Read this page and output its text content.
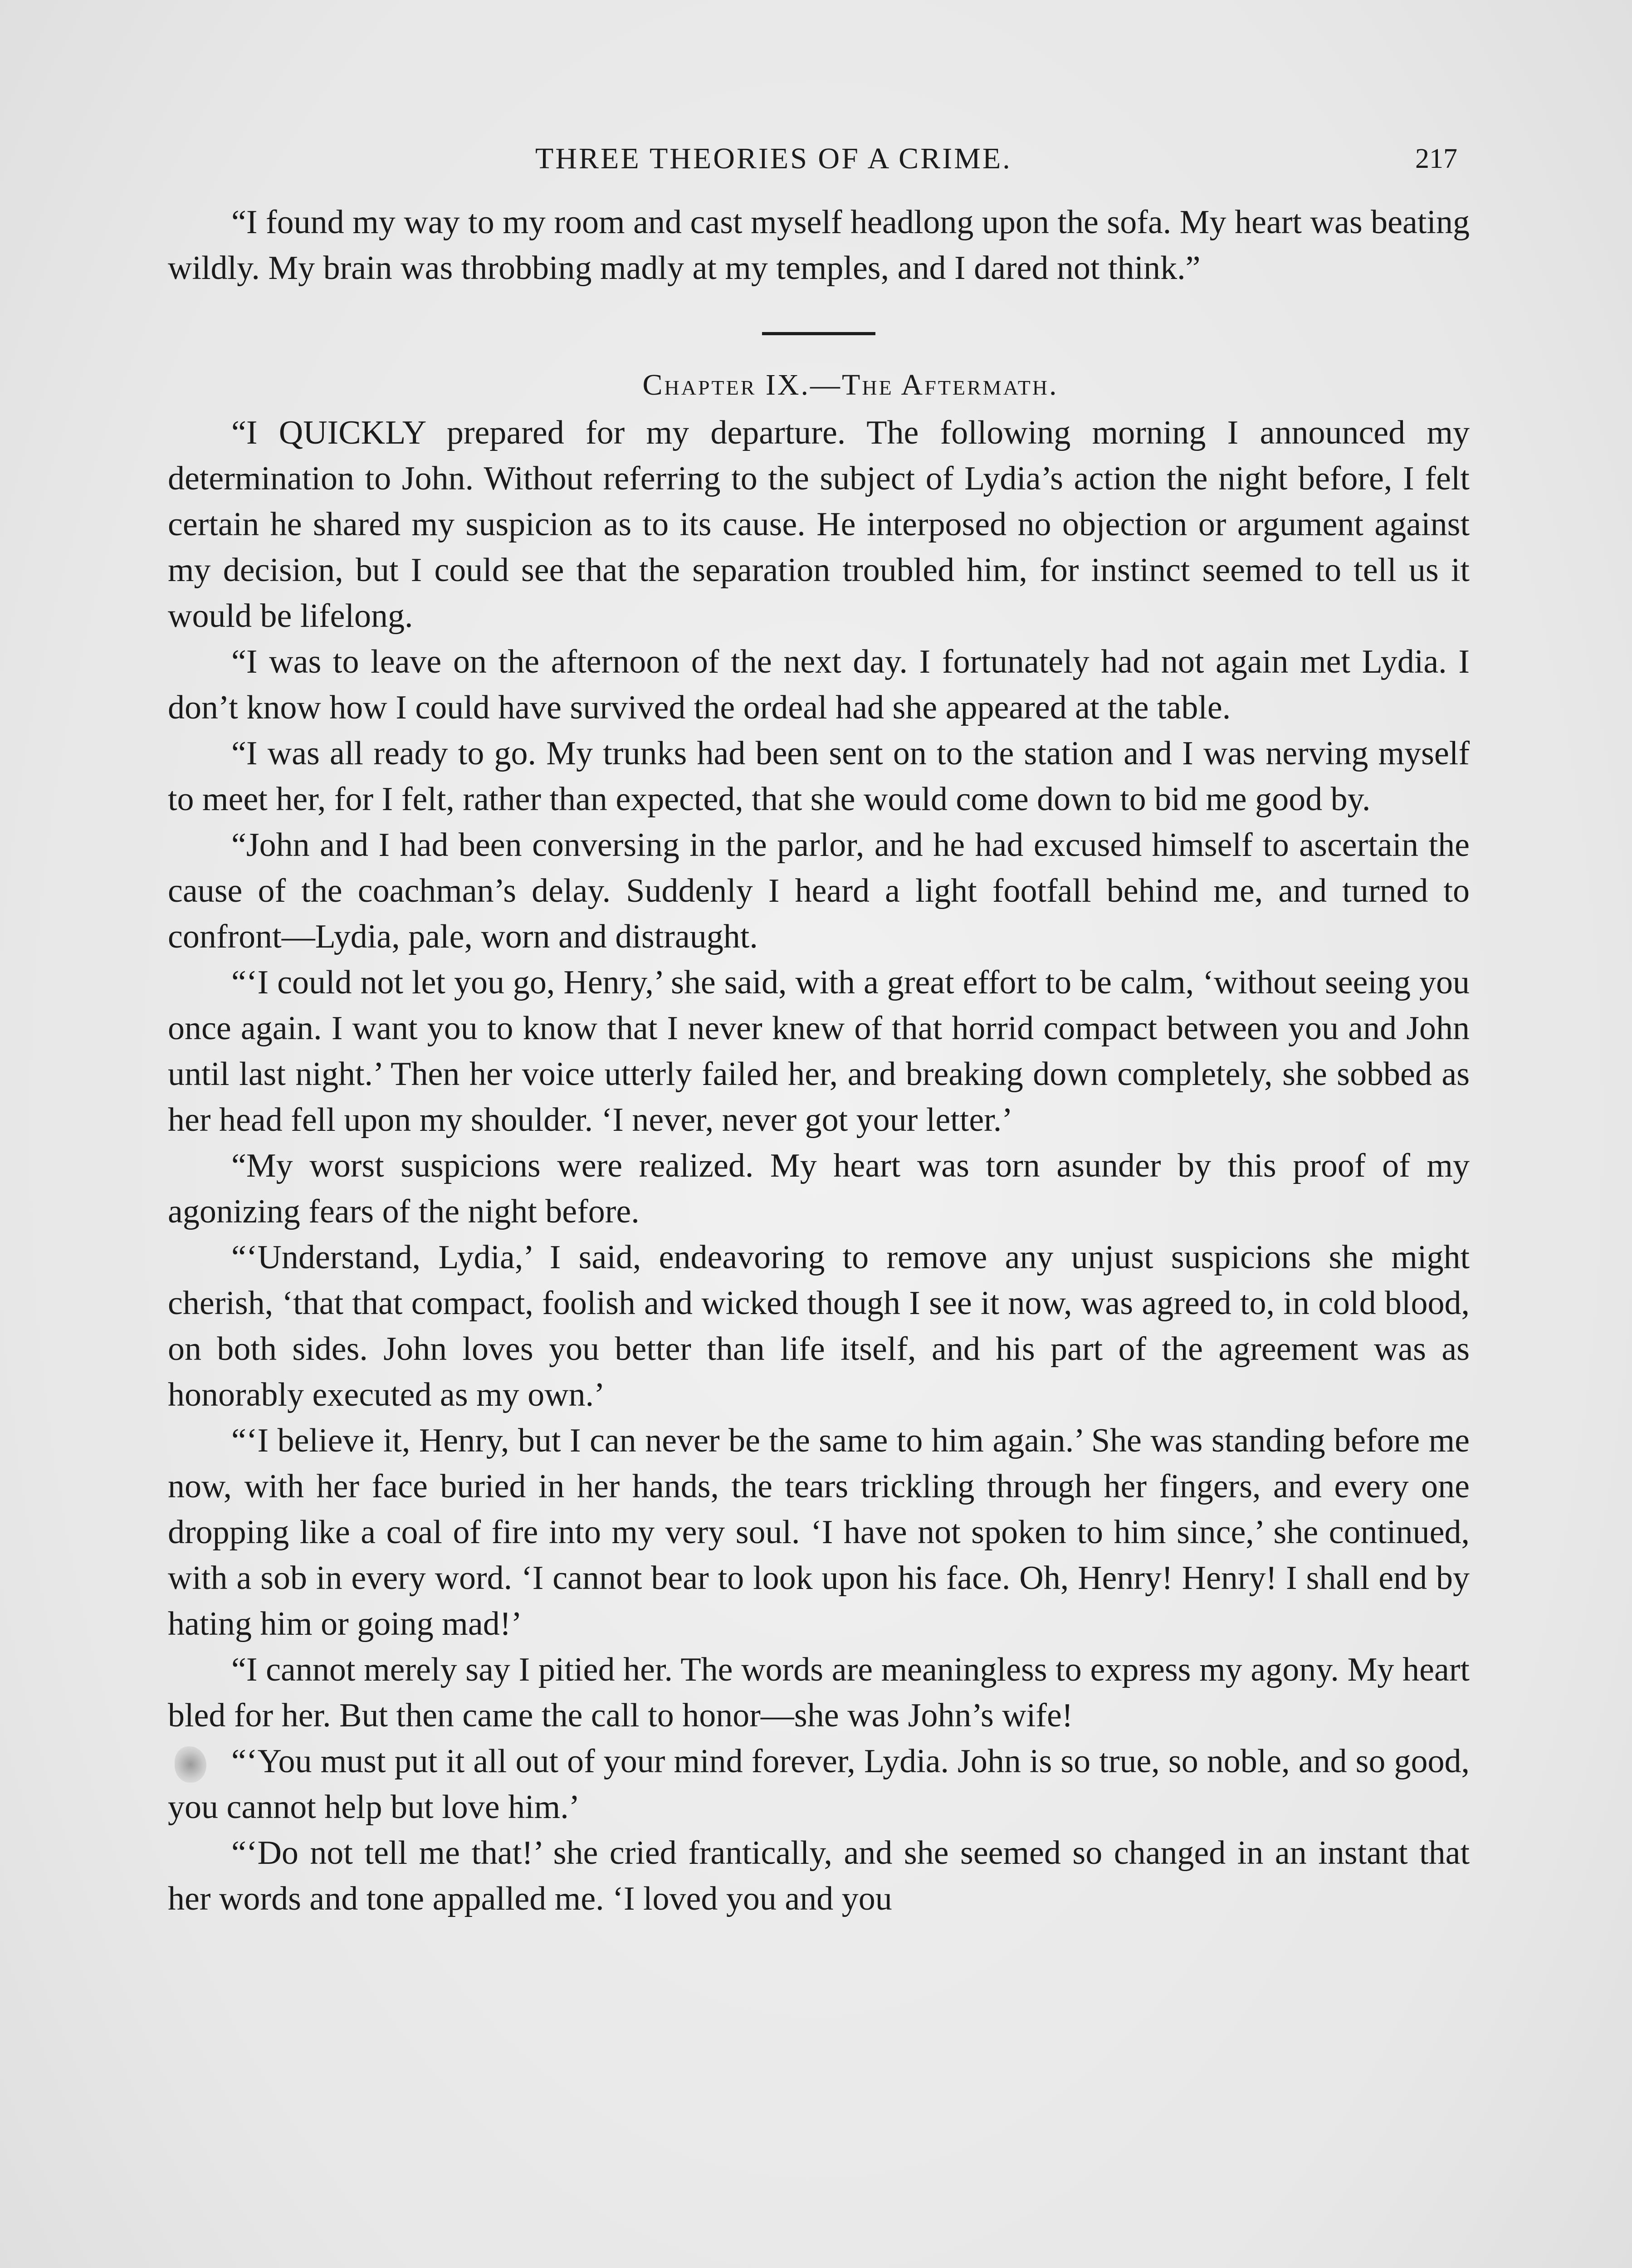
THREE THEORIES OF A CRIME.	217

“I found my way to my room and cast myself headlong upon the sofa. My heart was beating wildly. My brain was throbbing madly at my temples, and I dared not think.”

Chapter IX.—The Aftermath.

“I QUICKLY prepared for my departure. The following morning I announced my determination to John. Without referring to the subject of Lydia’s action the night before, I felt certain he shared my suspicion as to its cause. He interposed no objection or argument against my decision, but I could see that the separation troubled him, for instinct seemed to tell us it would be lifelong.

“I was to leave on the afternoon of the next day. I fortunately had not again met Lydia. I don’t know how I could have survived the ordeal had she appeared at the table.

“I was all ready to go. My trunks had been sent on to the station and I was nerving myself to meet her, for I felt, rather than expected, that she would come down to bid me good by.

“John and I had been conversing in the parlor, and he had excused himself to ascertain the cause of the coachman’s delay. Suddenly I heard a light footfall behind me, and turned to confront—Lydia, pale, worn and distraught.

“‘I could not let you go, Henry,’ she said, with a great effort to be calm, ‘without seeing you once again. I want you to know that I never knew of that horrid compact between you and John until last night.’ Then her voice utterly failed her, and breaking down completely, she sobbed as her head fell upon my shoulder. ‘I never, never got your letter.’

“My worst suspicions were realized. My heart was torn asunder by this proof of my agonizing fears of the night before.

“‘Understand, Lydia,’ I said, endeavoring to remove any unjust suspicions she might cherish, ‘that that compact, foolish and wicked though I see it now, was agreed to, in cold blood, on both sides. John loves you better than life itself, and his part of the agreement was as honorably executed as my own.’

“‘I believe it, Henry, but I can never be the same to him again.’ She was standing before me now, with her face buried in her hands, the tears trickling through her fingers, and every one dropping like a coal of fire into my very soul. ‘I have not spoken to him since,’ she continued, with a sob in every word. ‘I cannot bear to look upon his face. Oh, Henry! Henry! I shall end by hating him or going mad!’

“I cannot merely say I pitied her. The words are meaningless to express my agony. My heart bled for her. But then came the call to honor—she was John’s wife!

“‘You must put it all out of your mind forever, Lydia. John is so true, so noble, and so good, you cannot help but love him.’

“‘Do not tell me that!’ she cried frantically, and she seemed so changed in an instant that her words and tone appalled me. ‘I loved you and you
